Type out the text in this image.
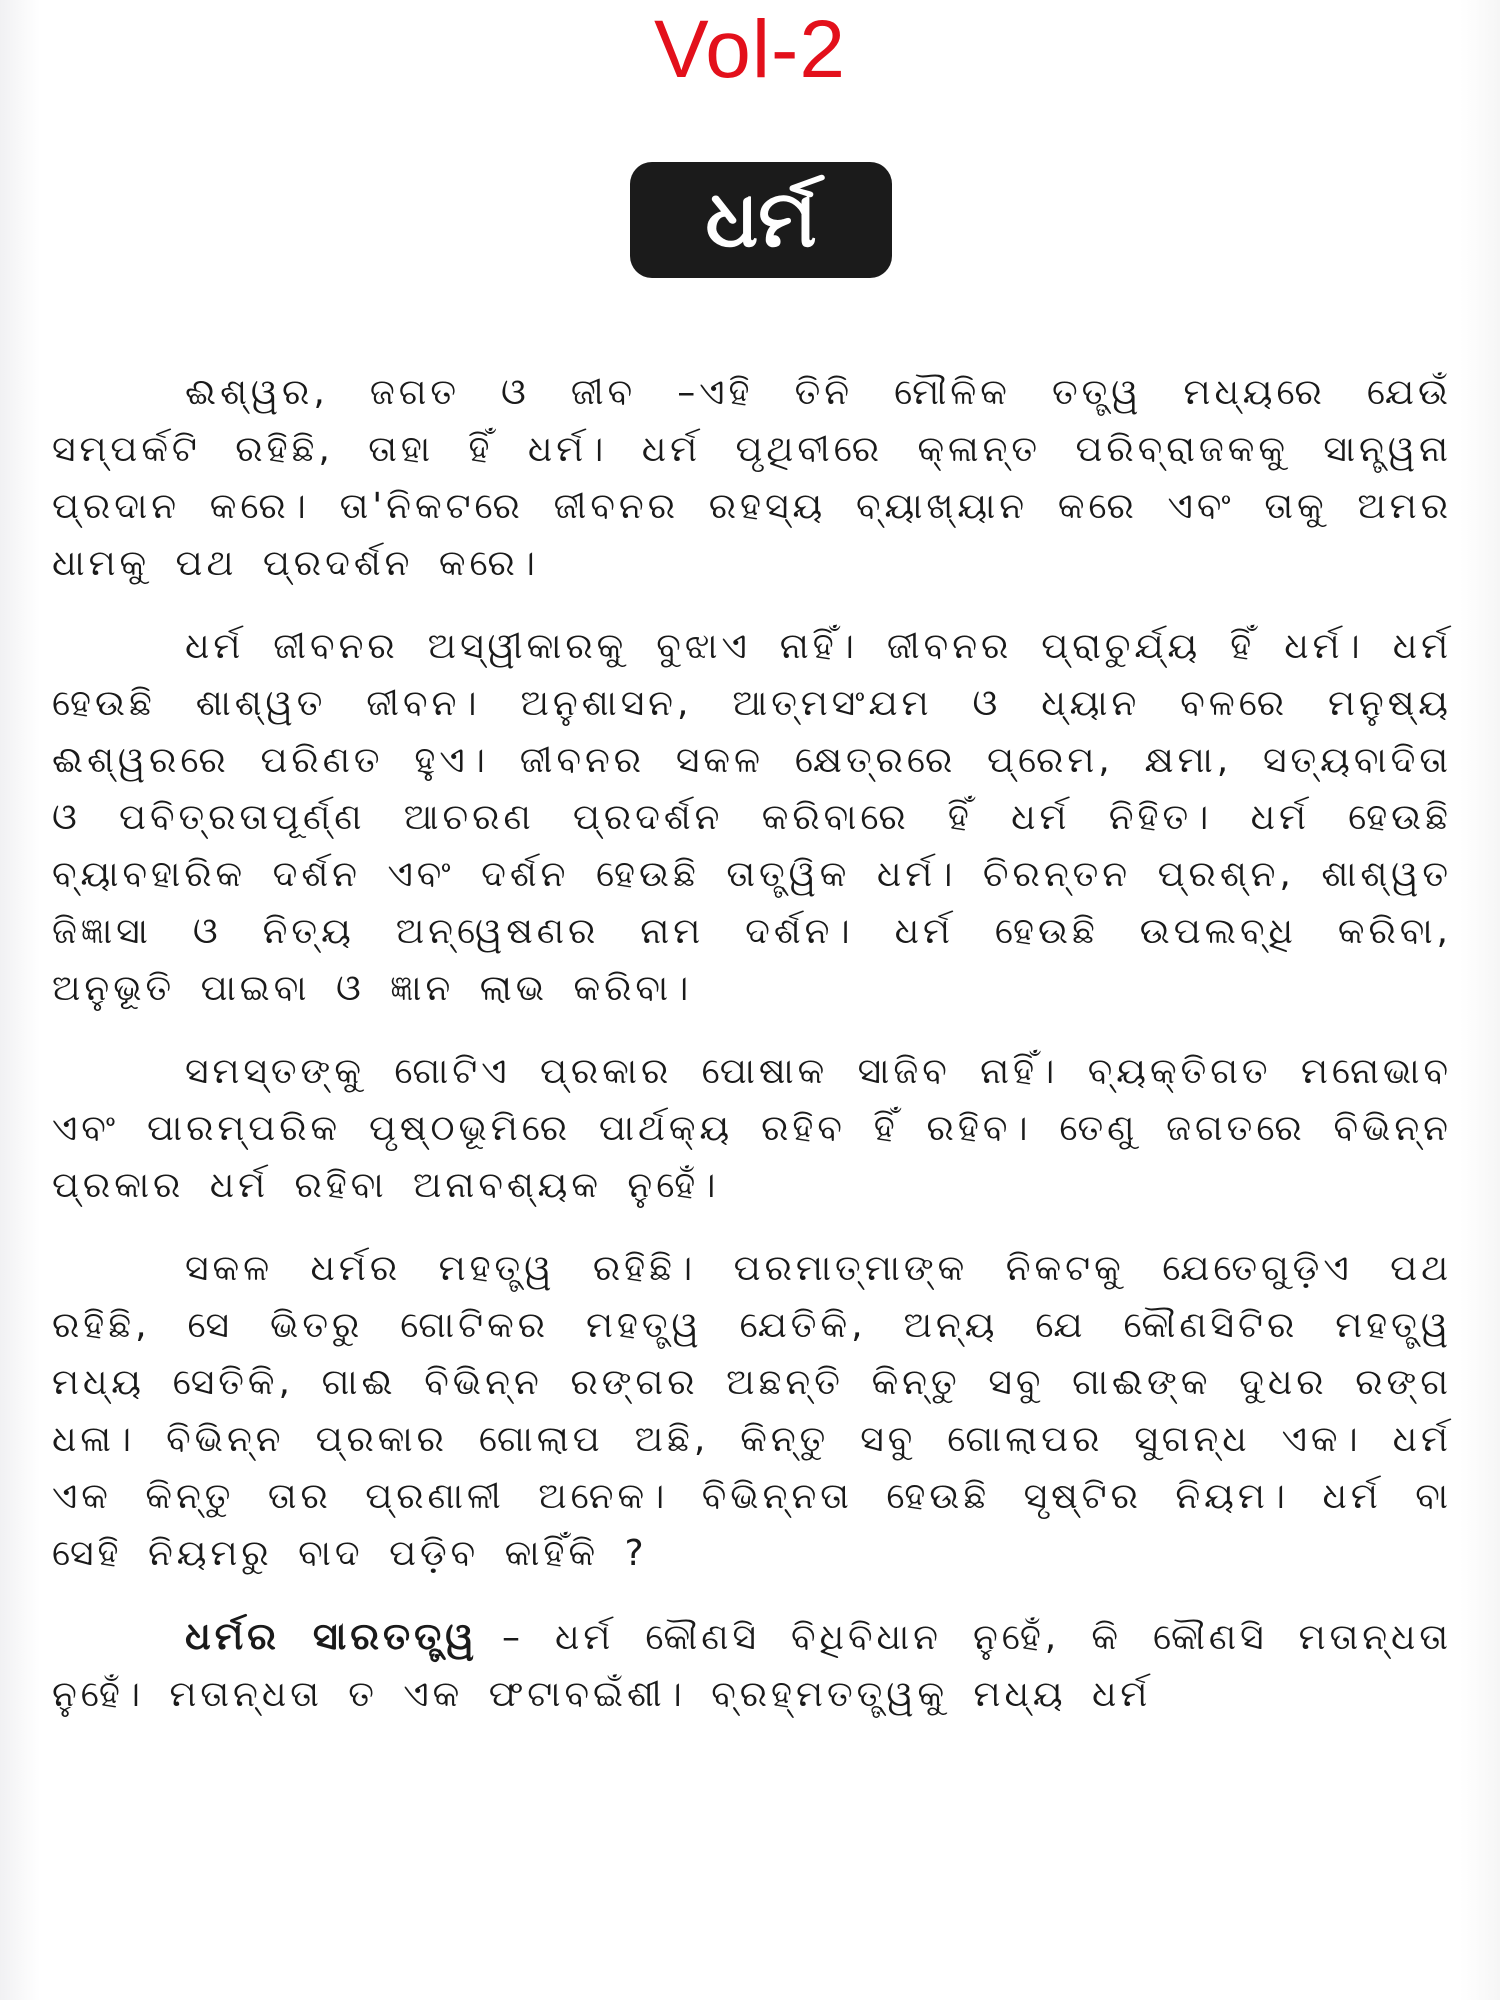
Vol-2
ଧର୍ମ

ଈଶ୍ୱର, ଜଗତ ଓ ଜୀବ –ଏହି ତିନି ମୌଳିକ ତତ୍ତ୍ୱ ମଧ୍ୟରେ ଯେଉଁ ସମ୍ପର୍କଟି ରହିଛି, ତାହା ହିଁ ଧର୍ମ। ଧର୍ମ ପୃଥିବୀରେ କ୍ଳାନ୍ତ ପରିବ୍ରାଜକକୁ ସାନ୍ତ୍ୱନା ପ୍ରଦାନ କରେ। ତା'ନିକଟରେ ଜୀବନର ରହସ୍ୟ ବ୍ୟାଖ୍ୟାନ କରେ ଏବଂ ତାକୁ ଅମର ଧାମକୁ ପଥ ପ୍ରଦର୍ଶନ କରେ।

ଧର୍ମ ଜୀବନର ଅସ୍ୱୀକାରକୁ ବୁଝାଏ ନାହିଁ। ଜୀବନର ପ୍ରାଚୁର୍ଯ୍ୟ ହିଁ ଧର୍ମ। ଧର୍ମ ହେଉଛି ଶାଶ୍ୱତ ଜୀବନ। ଅନୁଶାସନ, ଆତ୍ମସଂଯମ ଓ ଧ୍ୟାନ ବଳରେ ମନୁଷ୍ୟ ଈଶ୍ୱରରେ ପରିଣତ ହୁଏ। ଜୀବନର ସକଳ କ୍ଷେତ୍ରରେ ପ୍ରେମ, କ୍ଷମା, ସତ୍ୟବାଦିତା ଓ ପବିତ୍ରତାପୂର୍ଣ୍ଣ ଆଚରଣ ପ୍ରଦର୍ଶନ କରିବାରେ ହିଁ ଧର୍ମ ନିହିତ। ଧର୍ମ ହେଉଛି ବ୍ୟାବହାରିକ ଦର୍ଶନ ଏବଂ ଦର୍ଶନ ହେଉଛି ତାତ୍ତ୍ୱିକ ଧର୍ମ। ଚିରନ୍ତନ ପ୍ରଶ୍ନ, ଶାଶ୍ୱତ ଜିଜ୍ଞାସା ଓ ନିତ୍ୟ ଅନ୍ୱେଷଣର ନାମ ଦର୍ଶନ। ଧର୍ମ ହେଉଛି ଉପଲବ୍ଧି କରିବା, ଅନୁଭୂତି ପାଇବା ଓ ଜ୍ଞାନ ଲାଭ କରିବା।

ସମସ୍ତଙ୍କୁ ଗୋଟିଏ ପ୍ରକାର ପୋଷାକ ସାଜିବ ନାହିଁ। ବ୍ୟକ୍ତିଗତ ମନୋଭାବ ଏବଂ ପାରମ୍ପରିକ ପୃଷ୍ଠଭୂମିରେ ପାର୍ଥକ୍ୟ ରହିବ ହିଁ ରହିବ। ତେଣୁ ଜଗତରେ ବିଭିନ୍ନ ପ୍ରକାର ଧର୍ମ ରହିବା ଅନାବଶ୍ୟକ ନୁହେଁ।

ସକଳ ଧର୍ମର ମହତ୍ତ୍ୱ ରହିଛି। ପରମାତ୍ମାଙ୍କ ନିକଟକୁ ଯେତେଗୁଡ଼ିଏ ପଥ ରହିଛି, ସେ ଭିତରୁ ଗୋଟିକର ମହତ୍ତ୍ୱ ଯେତିକି, ଅନ୍ୟ ଯେ କୌଣସିଟିର ମହତ୍ତ୍ୱ ମଧ୍ୟ ସେତିକି, ଗାଈ ବିଭିନ୍ନ ରଙ୍ଗର ଅଛନ୍ତି କିନ୍ତୁ ସବୁ ଗାଈଙ୍କ ଦୁଧର ରଙ୍ଗ ଧଳା। ବିଭିନ୍ନ ପ୍ରକାର ଗୋଲାପ ଅଛି, କିନ୍ତୁ ସବୁ ଗୋଲାପର ସୁଗନ୍ଧ ଏକ। ଧର୍ମ ଏକ କିନ୍ତୁ ତାର ପ୍ରଣାଳୀ ଅନେକ। ବିଭିନ୍ନତା ହେଉଛି ସୃଷ୍ଟିର ନିୟମ। ଧର୍ମ ବା ସେହି ନିୟମରୁ ବାଦ ପଡ଼ିବ କାହିଁକି ?

ଧର୍ମର ସାରତତ୍ତ୍ୱ – ଧର୍ମ କୌଣସି ବିଧିବିଧାନ ନୁହେଁ, କି କୌଣସି ମତାନ୍ଧତା ନୁହେଁ। ମତାନ୍ଧତା ତ ଏକ ଫଟାବଇଁଶୀ। ବ୍ରହ୍ମତତ୍ତ୍ୱକୁ ମଧ୍ୟ ଧର୍ମ
